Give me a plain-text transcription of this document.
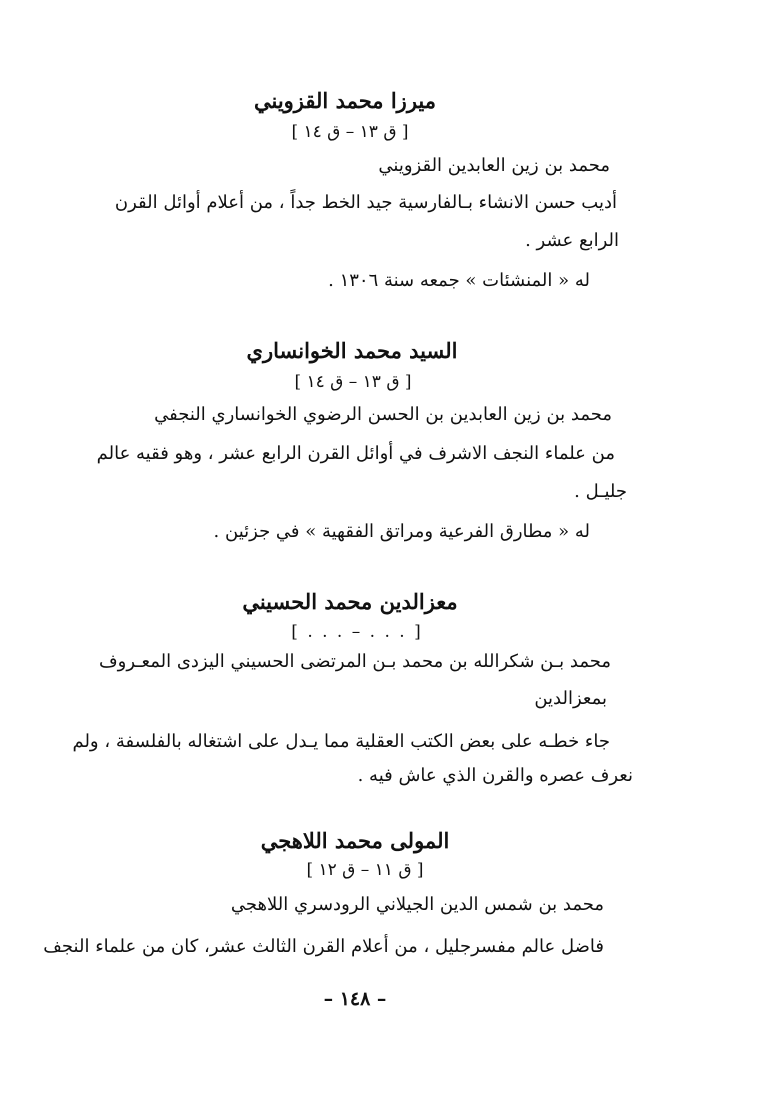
ميرزا محمد القزويني
[ ق ١٣ – ق ١٤ ]
محمد بن زين العابدين القزويني
أديب حسن الانشاء بـالفارسية جيد الخط جداً ، من أعلام أوائل القرن
الرابع عشر .
له « المنشئات » جمعه سنة ١٣٠٦ .
السيد محمد الخوانساري
[ ق ١٣ – ق ١٤ ]
محمد بن زين العابدين بن الحسن الرضوي الخوانساري النجفي
من علماء النجف الاشرف في أوائل القرن الرابع عشر ، وهو فقيه عالم
جليـل .
له « مطارق الفرعية ومراتق الفقهية » في جزئين .
معزالدين محمد الحسيني
[ . . . – . . . ]
محمد بـن شكرالله بن محمد بـن المرتضى الحسيني اليزدى المعـروف
بمعزالدين
جاء خطـه على بعض الكتب العقلية مما يـدل على اشتغاله بالفلسفة ، ولم
نعرف عصره والقرن الذي عاش فيه .
المولى محمد اللاهجي
[ ق ١١ – ق ١٢ ]
محمد بن شمس الدين الجيلاني الرودسري اللاهجي
فاضل عالم مفسرجليل ، من أعلام القرن الثالث عشر، كان من علماء النجف
– ١٤٨ –
